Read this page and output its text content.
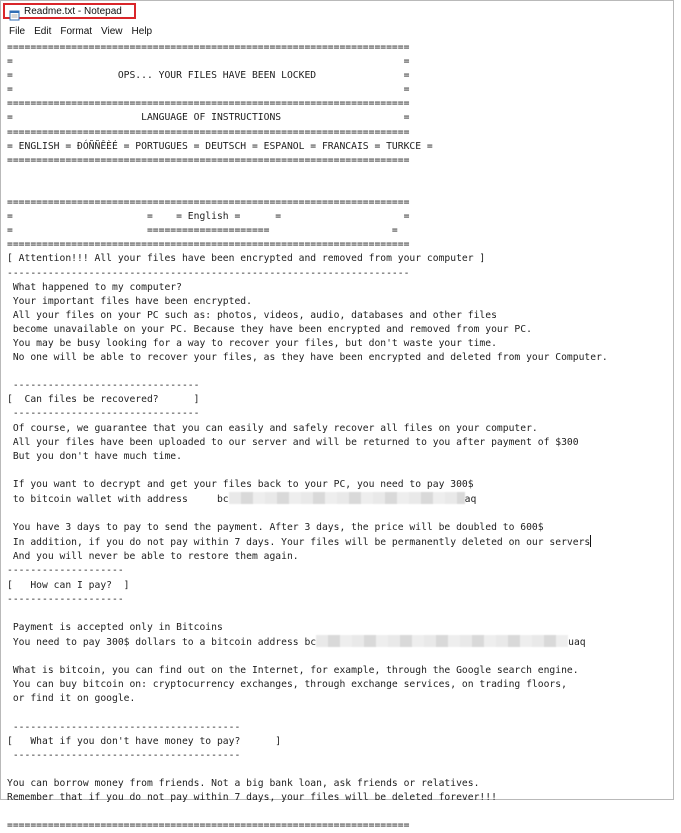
Readme.txt - Notepad
File Edit Format View Help
=====================================================================
=                                                                   =
=                  OPS... YOUR FILES HAVE BEEN LOCKED               =
=                                                                   =
=====================================================================
=                      LANGUAGE OF INSTRUCTIONS                     =
=====================================================================
= ENGLISH = ĐÓÑÑÊÈÉ = PORTUGUES = DEUTSCH = ESPANOL = FRANCAIS = TURKCE =
=====================================================================

=====================================================================
=                       =    = English =      =                     =
=                       =====================                     =
=====================================================================
[ Attention!!! All your files have been encrypted and removed from your computer ]
---------------------------------------------------------------------
What happened to my computer?
Your important files have been encrypted.
All your files on your PC such as: photos, videos, audio, databases and other files
become unavailable on your PC. Because they have been encrypted and removed from your PC.
You may be busy looking for a way to recover your files, but don't waste your time.
No one will be able to recover your files, as they have been encrypted and deleted from your Computer.

--------------------------------
[  Can files be recovered?      ]
--------------------------------
Of course, we guarantee that you can easily and safely recover all files on your computer.
All your files have been uploaded to our server and will be returned to you after payment of $300
But you don't have much time.

If you want to decrypt and get your files back to your PC, you need to pay 300$
to bitcoin wallet with address     bc	aq

You have 3 days to pay to send the payment. After 3 days, the price will be doubled to 600$
In addition, if you do not pay within 7 days. Your files will be permanently deleted on our servers
And you will never be able to restore them again.
--------------------
[   How can I pay?  ]
--------------------

Payment is accepted only in Bitcoins
You need to pay 300$ dollars to a bitcoin address bc	uaq

What is bitcoin, you can find out on the Internet, for example, through the Google search engine.
You can buy bitcoin on: cryptocurrency exchanges, through exchange services, on trading floors,
or find it on google.

---------------------------------------
[   What if you don't have money to pay?      ]
---------------------------------------

You can borrow money from friends. Not a big bank loan, ask friends or relatives.
Remember that if you do not pay within 7 days, your files will be deleted forever!!!

=====================================================================
